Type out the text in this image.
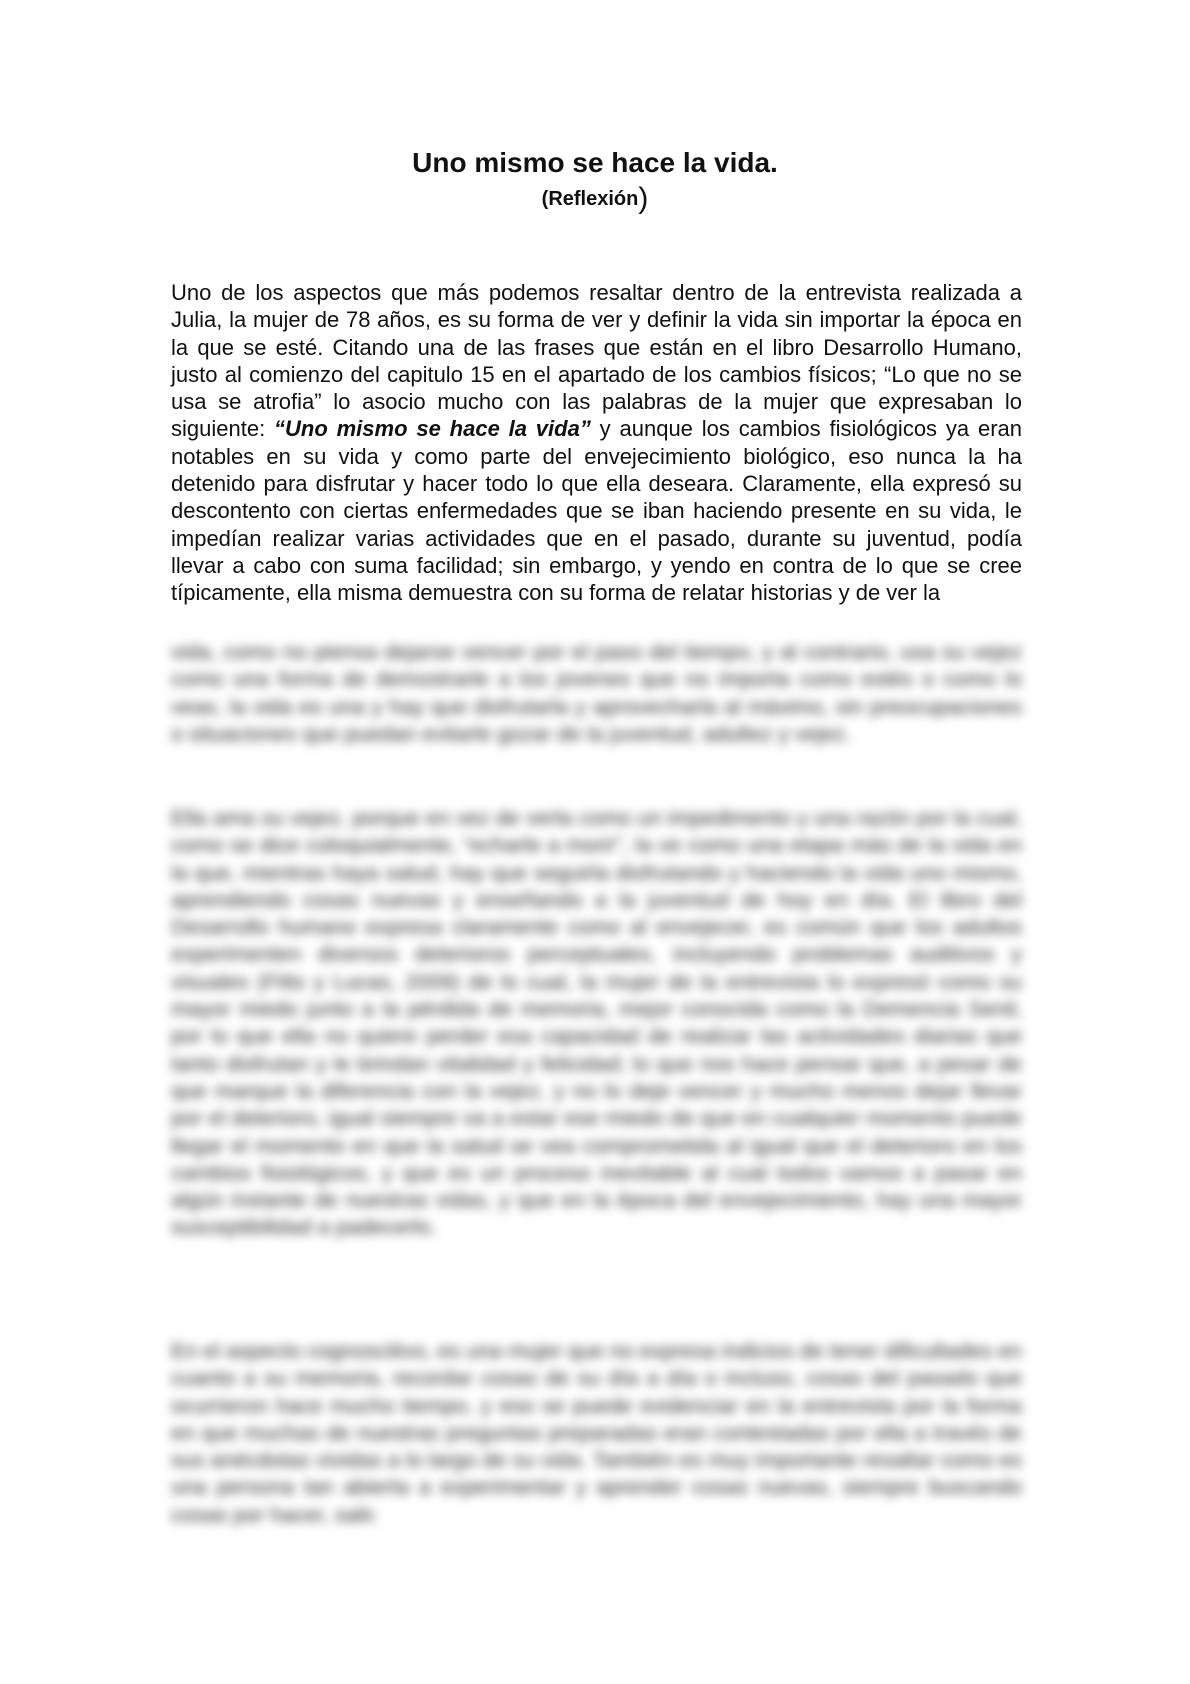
Uno mismo se hace la vida.
(Reflexión)

Uno de los aspectos que más podemos resaltar dentro de la entrevista realizada a Julia, la mujer de 78 años, es su forma de ver y definir la vida sin importar la época en la que se esté. Citando una de las frases que están en el libro Desarrollo Humano, justo al comienzo del capitulo 15 en el apartado de los cambios físicos; “Lo que no se usa se atrofia” lo asocio mucho con las palabras de la mujer que expresaban lo siguiente: “Uno mismo se hace la vida” y aunque los cambios fisiológicos ya eran notables en su vida y como parte del envejecimiento biológico, eso nunca la ha detenido para disfrutar y hacer todo lo que ella deseara. Claramente, ella expresó su descontento con ciertas enfermedades que se iban haciendo presente en su vida, le impedían realizar varias actividades que en el pasado, durante su juventud, podía llevar a cabo con suma facilidad; sin embargo, y yendo en contra de lo que se cree típicamente, ella misma demuestra con su forma de relatar historias y de ver la

vida, como no piensa dejarse vencer por el paso del tiempo, y al contrario, usa su vejez como una forma de demostrarle a los jovenes que no importa como estés o como lo veas, la vida es una y hay que disfrutarla y aprovecharla al máximo, sin preocupaciones o situaciones que puedan evitarle gozar de la juventud, adultez y vejez.

Ella ama su vejez, porque en vez de verla como un impedimento y una razón por la cual, como se dice coloquialmente, “echarle a morir”, la ve como una etapa más de la vida en la que, mientras haya salud, hay que seguirla disfrutando y haciendo la vida uno mismo, aprendiendo cosas nuevas y enseñando a la juventud de hoy en día. El libro del Desarrollo humano expresa claramente como al envejecer, es común que los adultos experimenten diversos deterioros perceptuales, incluyendo problemas auditivos y visuales (Fitts y Lucas, 2009) de lo cual, la mujer de la entrevista lo expresó como su mayor miedo junto a la pérdida de memoria, mejor conocida como la Demencia Senil, por lo que ella no quiere perder esa capacidad de realizar las actividades diarias que tanto disfrutan y le brindan vitalidad y felicidad; lo que nos hace pensar que, a pesar de que marque la diferencia con la vejez, y no lo deje vencer y mucho menos dejar llevar por el deterioro, igual siempre va a estar ese miedo de que en cualquier momento puede llegar el momento en que la salud se vea comprometida al igual que el deterioro en los cambios fisiológicos, y que es un proceso inevitable al cual todos vamos a pasar en algún instante de nuestras vidas, y que en la época del envejecimiento, hay una mayor susceptibilidad a padecerlo.

En el aspecto cognoscitivo, es una mujer que no expresa indicios de tener dificultades en cuanto a su memoria, recordar cosas de su día a día o incluso, cosas del pasado que ocurrieron hace mucho tiempo, y eso se puede evidenciar en la entrevista por la forma en que muchas de nuestras preguntas preparadas eran contestadas por ella a través de sus anécdotas vividas a lo largo de su vida. También es muy importante resaltar como es una persona tan abierta a experimentar y aprender cosas nuevas, siempre buscando cosas por hacer, salir.
